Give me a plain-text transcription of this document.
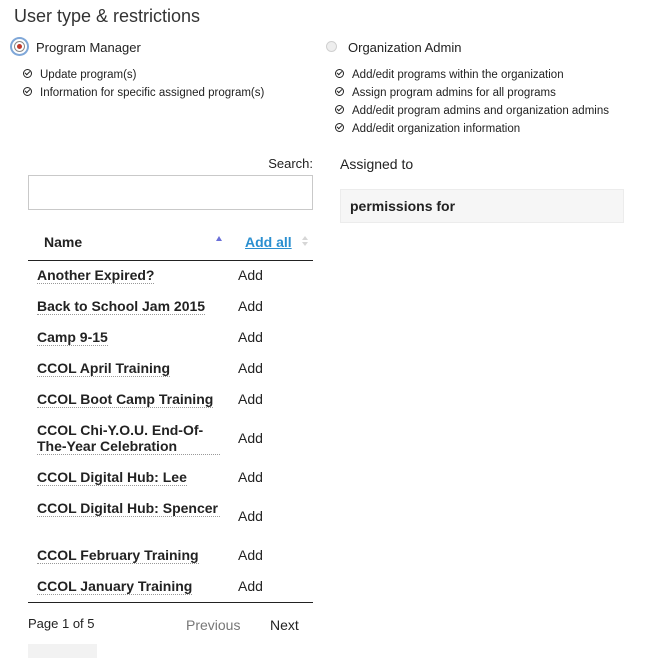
User type & restrictions
Program Manager
Update program(s)
Information for specific assigned program(s)
Organization Admin
Add/edit programs within the organization
Assign program admins for all programs
Add/edit program admins and organization admins
Add/edit organization information
Search: Assigned to
permissions for
Name	Add all
Another Expired?	Add
Back to School Jam 2015	Add
Camp 9-15	Add
CCOL April Training	Add
CCOL Boot Camp Training	Add
CCOL Chi-Y.O.U. End-Of-The-Year Celebration	Add
CCOL Digital Hub: Lee	Add
CCOL Digital Hub: Spencer Add
CCOL February Training	Add
CCOL January Training	Add
Page 1 of 5	Previous Next
